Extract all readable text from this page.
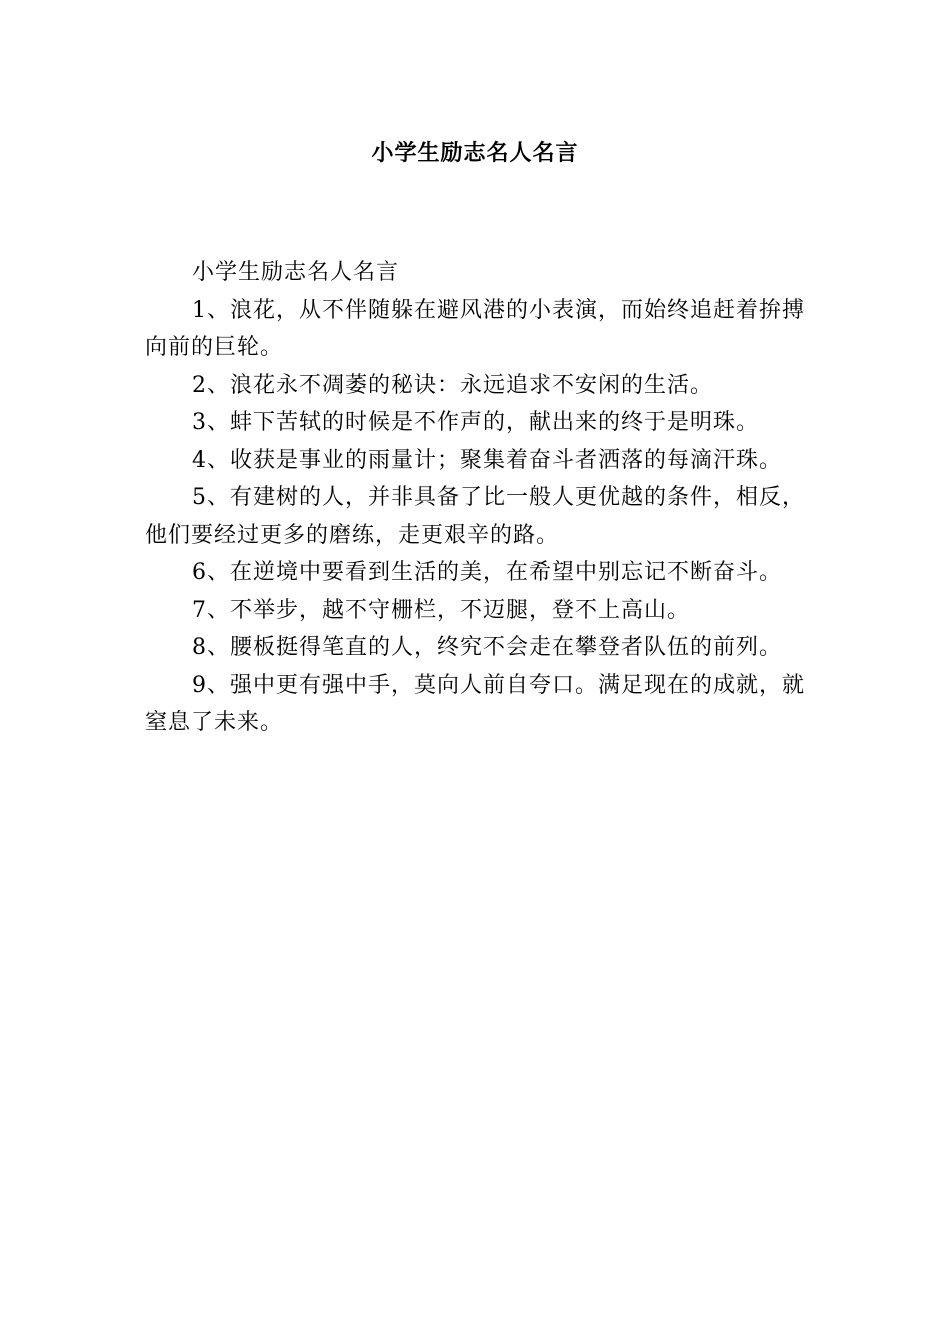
小学生励志名人名言

小学生励志名人名言

1、浪花，从不伴随躲在避风港的小表演，而始终追赶着拚搏向前的巨轮。

2、浪花永不凋萎的秘诀：永远追求不安闲的生活。

3、蚌下苦轼的时候是不作声的，献出来的终于是明珠。

4、收获是事业的雨量计；聚集着奋斗者洒落的每滴汗珠。

5、有建树的人，并非具备了比一般人更优越的条件，相反，他们要经过更多的磨练，走更艰辛的路。

6、在逆境中要看到生活的美，在希望中别忘记不断奋斗。

7、不举步，越不守栅栏，不迈腿，登不上高山。

8、腰板挺得笔直的人，终究不会走在攀登者队伍的前列。

9、强中更有强中手，莫向人前自夸口。满足现在的成就，就窒息了未来。
